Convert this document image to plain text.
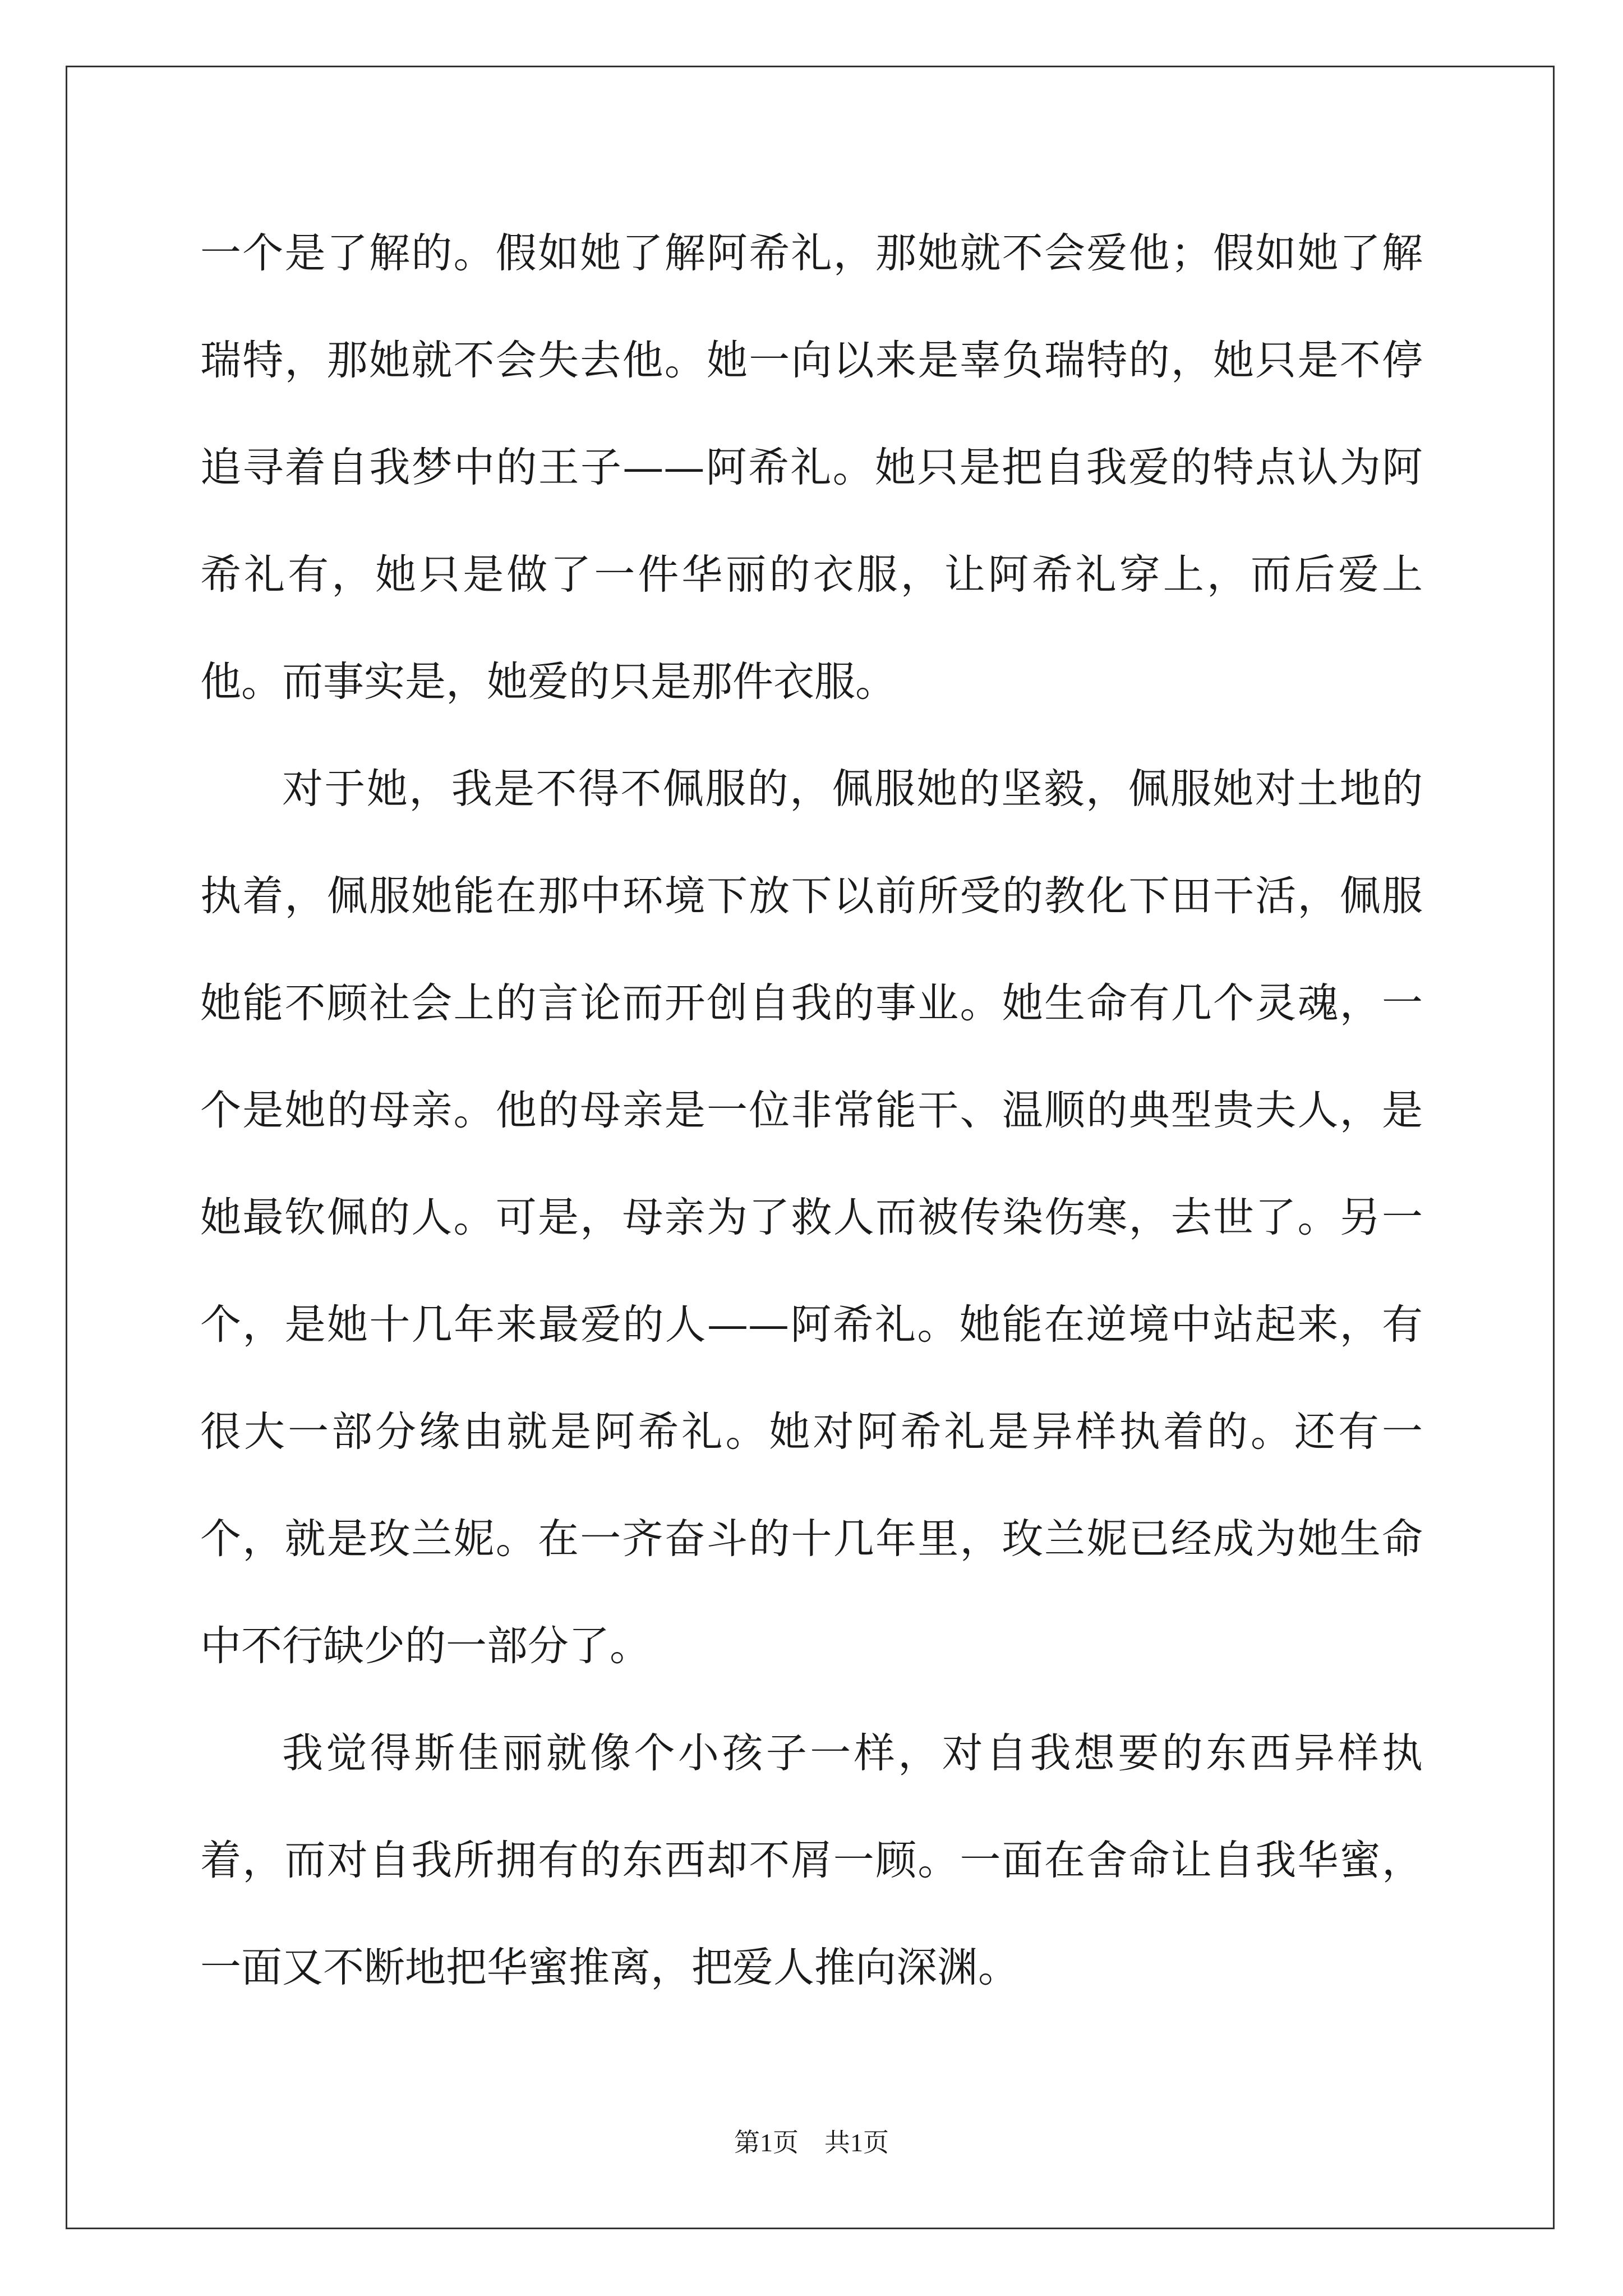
一个是了解的。假如她了解阿希礼，那她就不会爱他；假如她了解瑞特，那她就不会失去他。她一向以来是辜负瑞特的，她只是不停追寻着自我梦中的王子——阿希礼。她只是把自我爱的特点认为阿希礼有，她只是做了一件华丽的衣服，让阿希礼穿上，而后爱上他。而事实是，她爱的只是那件衣服。

对于她，我是不得不佩服的，佩服她的坚毅，佩服她对土地的执着，佩服她能在那中环境下放下以前所受的教化下田干活，佩服她能不顾社会上的言论而开创自我的事业。她生命有几个灵魂，一个是她的母亲。他的母亲是一位非常能干、温顺的典型贵夫人，是她最钦佩的人。可是，母亲为了救人而被传染伤寒，去世了。另一个，是她十几年来最爱的人——阿希礼。她能在逆境中站起来，有很大一部分缘由就是阿希礼。她对阿希礼是异样执着的。还有一个，就是玫兰妮。在一齐奋斗的十几年里，玫兰妮已经成为她生命中不行缺少的一部分了。

我觉得斯佳丽就像个小孩子一样，对自我想要的东西异样执着，而对自我所拥有的东西却不屑一顾。一面在舍命让自我华蜜，一面又不断地把华蜜推离，把爱人推向深渊。

第1页　共1页
